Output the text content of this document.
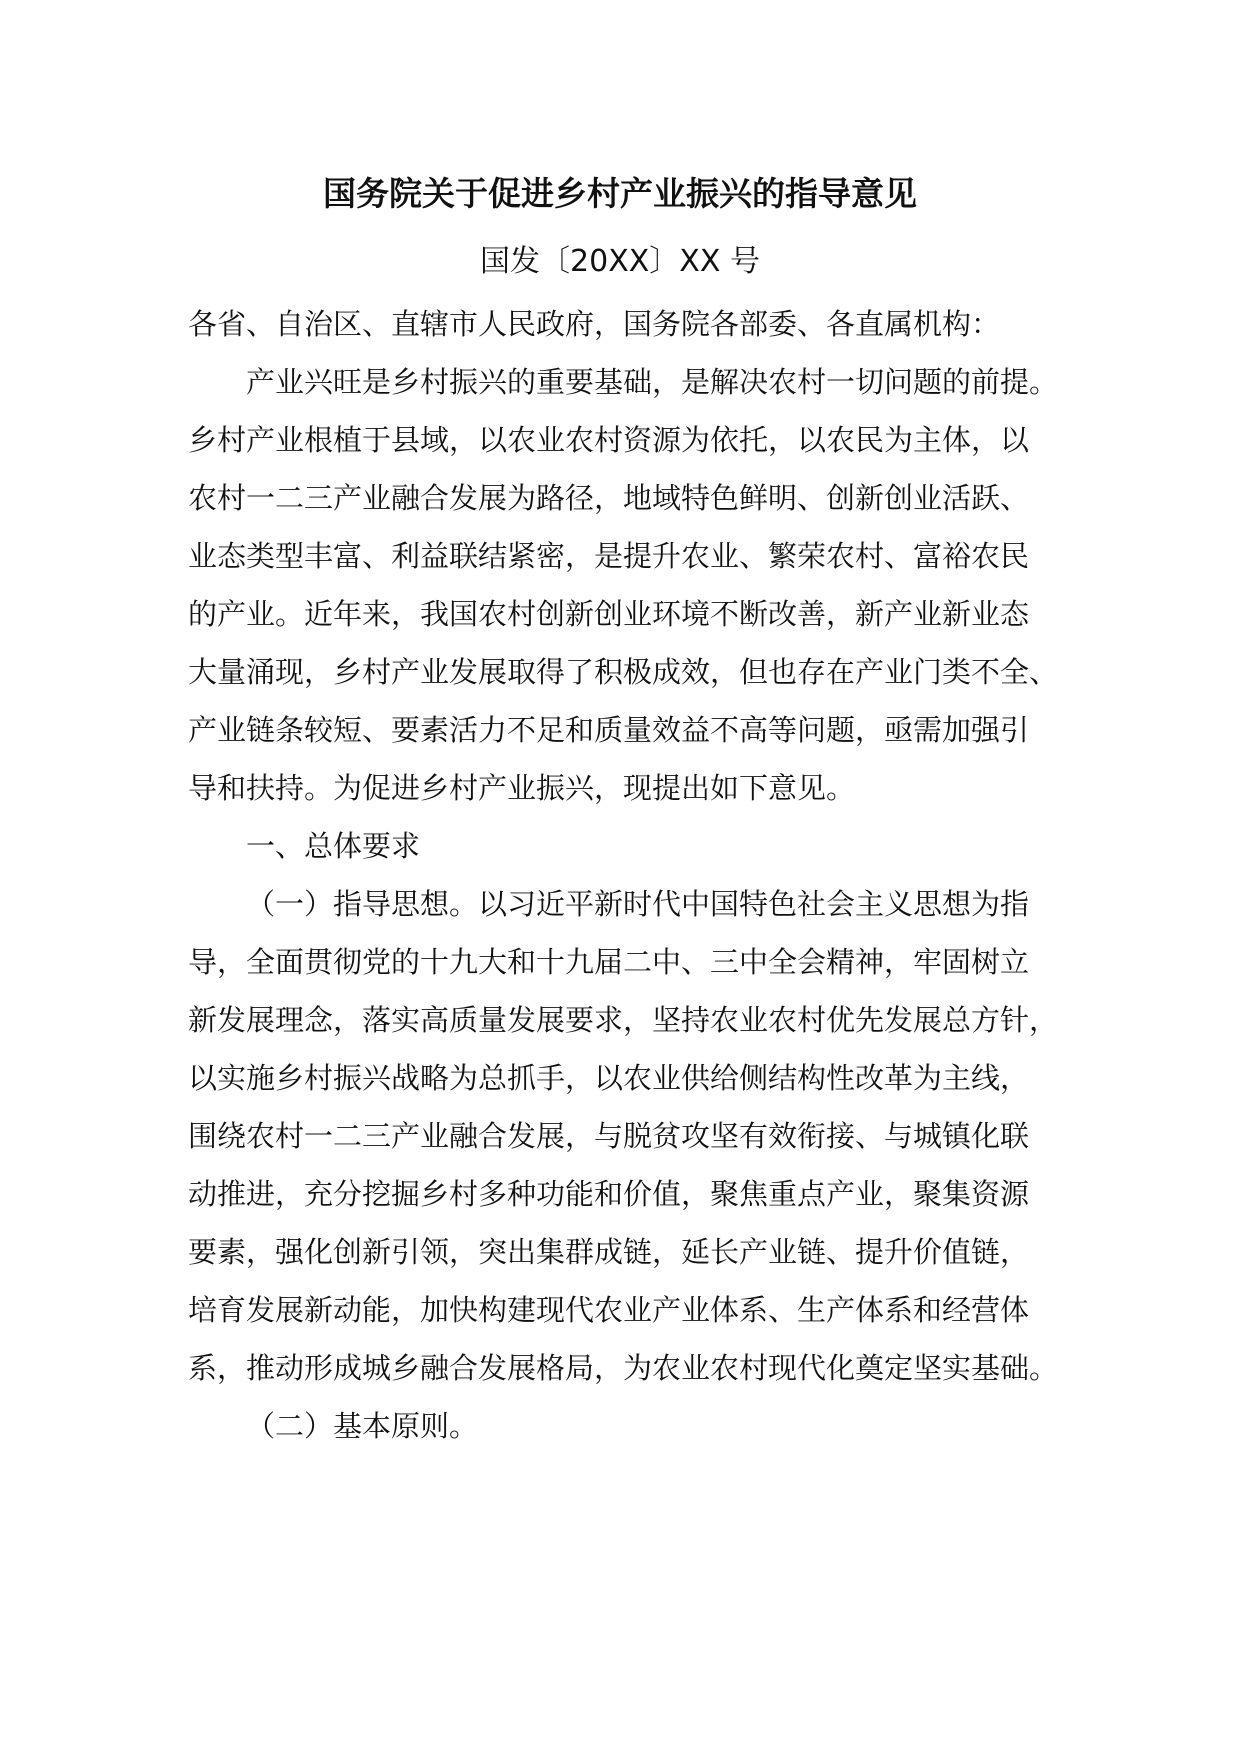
国务院关于促进乡村产业振兴的指导意见
国发〔20XX〕XX 号
各省、自治区、直辖市人民政府，国务院各部委、各直属机构：
产业兴旺是乡村振兴的重要基础，是解决农村一切问题的前提。
乡村产业根植于县域，以农业农村资源为依托，以农民为主体，以
农村一二三产业融合发展为路径，地域特色鲜明、创新创业活跃、
业态类型丰富、利益联结紧密，是提升农业、繁荣农村、富裕农民
的产业。近年来，我国农村创新创业环境不断改善，新产业新业态
大量涌现，乡村产业发展取得了积极成效，但也存在产业门类不全、
产业链条较短、要素活力不足和质量效益不高等问题，亟需加强引
导和扶持。为促进乡村产业振兴，现提出如下意见。
一、总体要求
（一）指导思想。以习近平新时代中国特色社会主义思想为指
导，全面贯彻党的十九大和十九届二中、三中全会精神，牢固树立
新发展理念，落实高质量发展要求，坚持农业农村优先发展总方针，
以实施乡村振兴战略为总抓手，以农业供给侧结构性改革为主线，
围绕农村一二三产业融合发展，与脱贫攻坚有效衔接、与城镇化联
动推进，充分挖掘乡村多种功能和价值，聚焦重点产业，聚集资源
要素，强化创新引领，突出集群成链，延长产业链、提升价值链，
培育发展新动能，加快构建现代农业产业体系、生产体系和经营体
系，推动形成城乡融合发展格局，为农业农村现代化奠定坚实基础。
（二）基本原则。
